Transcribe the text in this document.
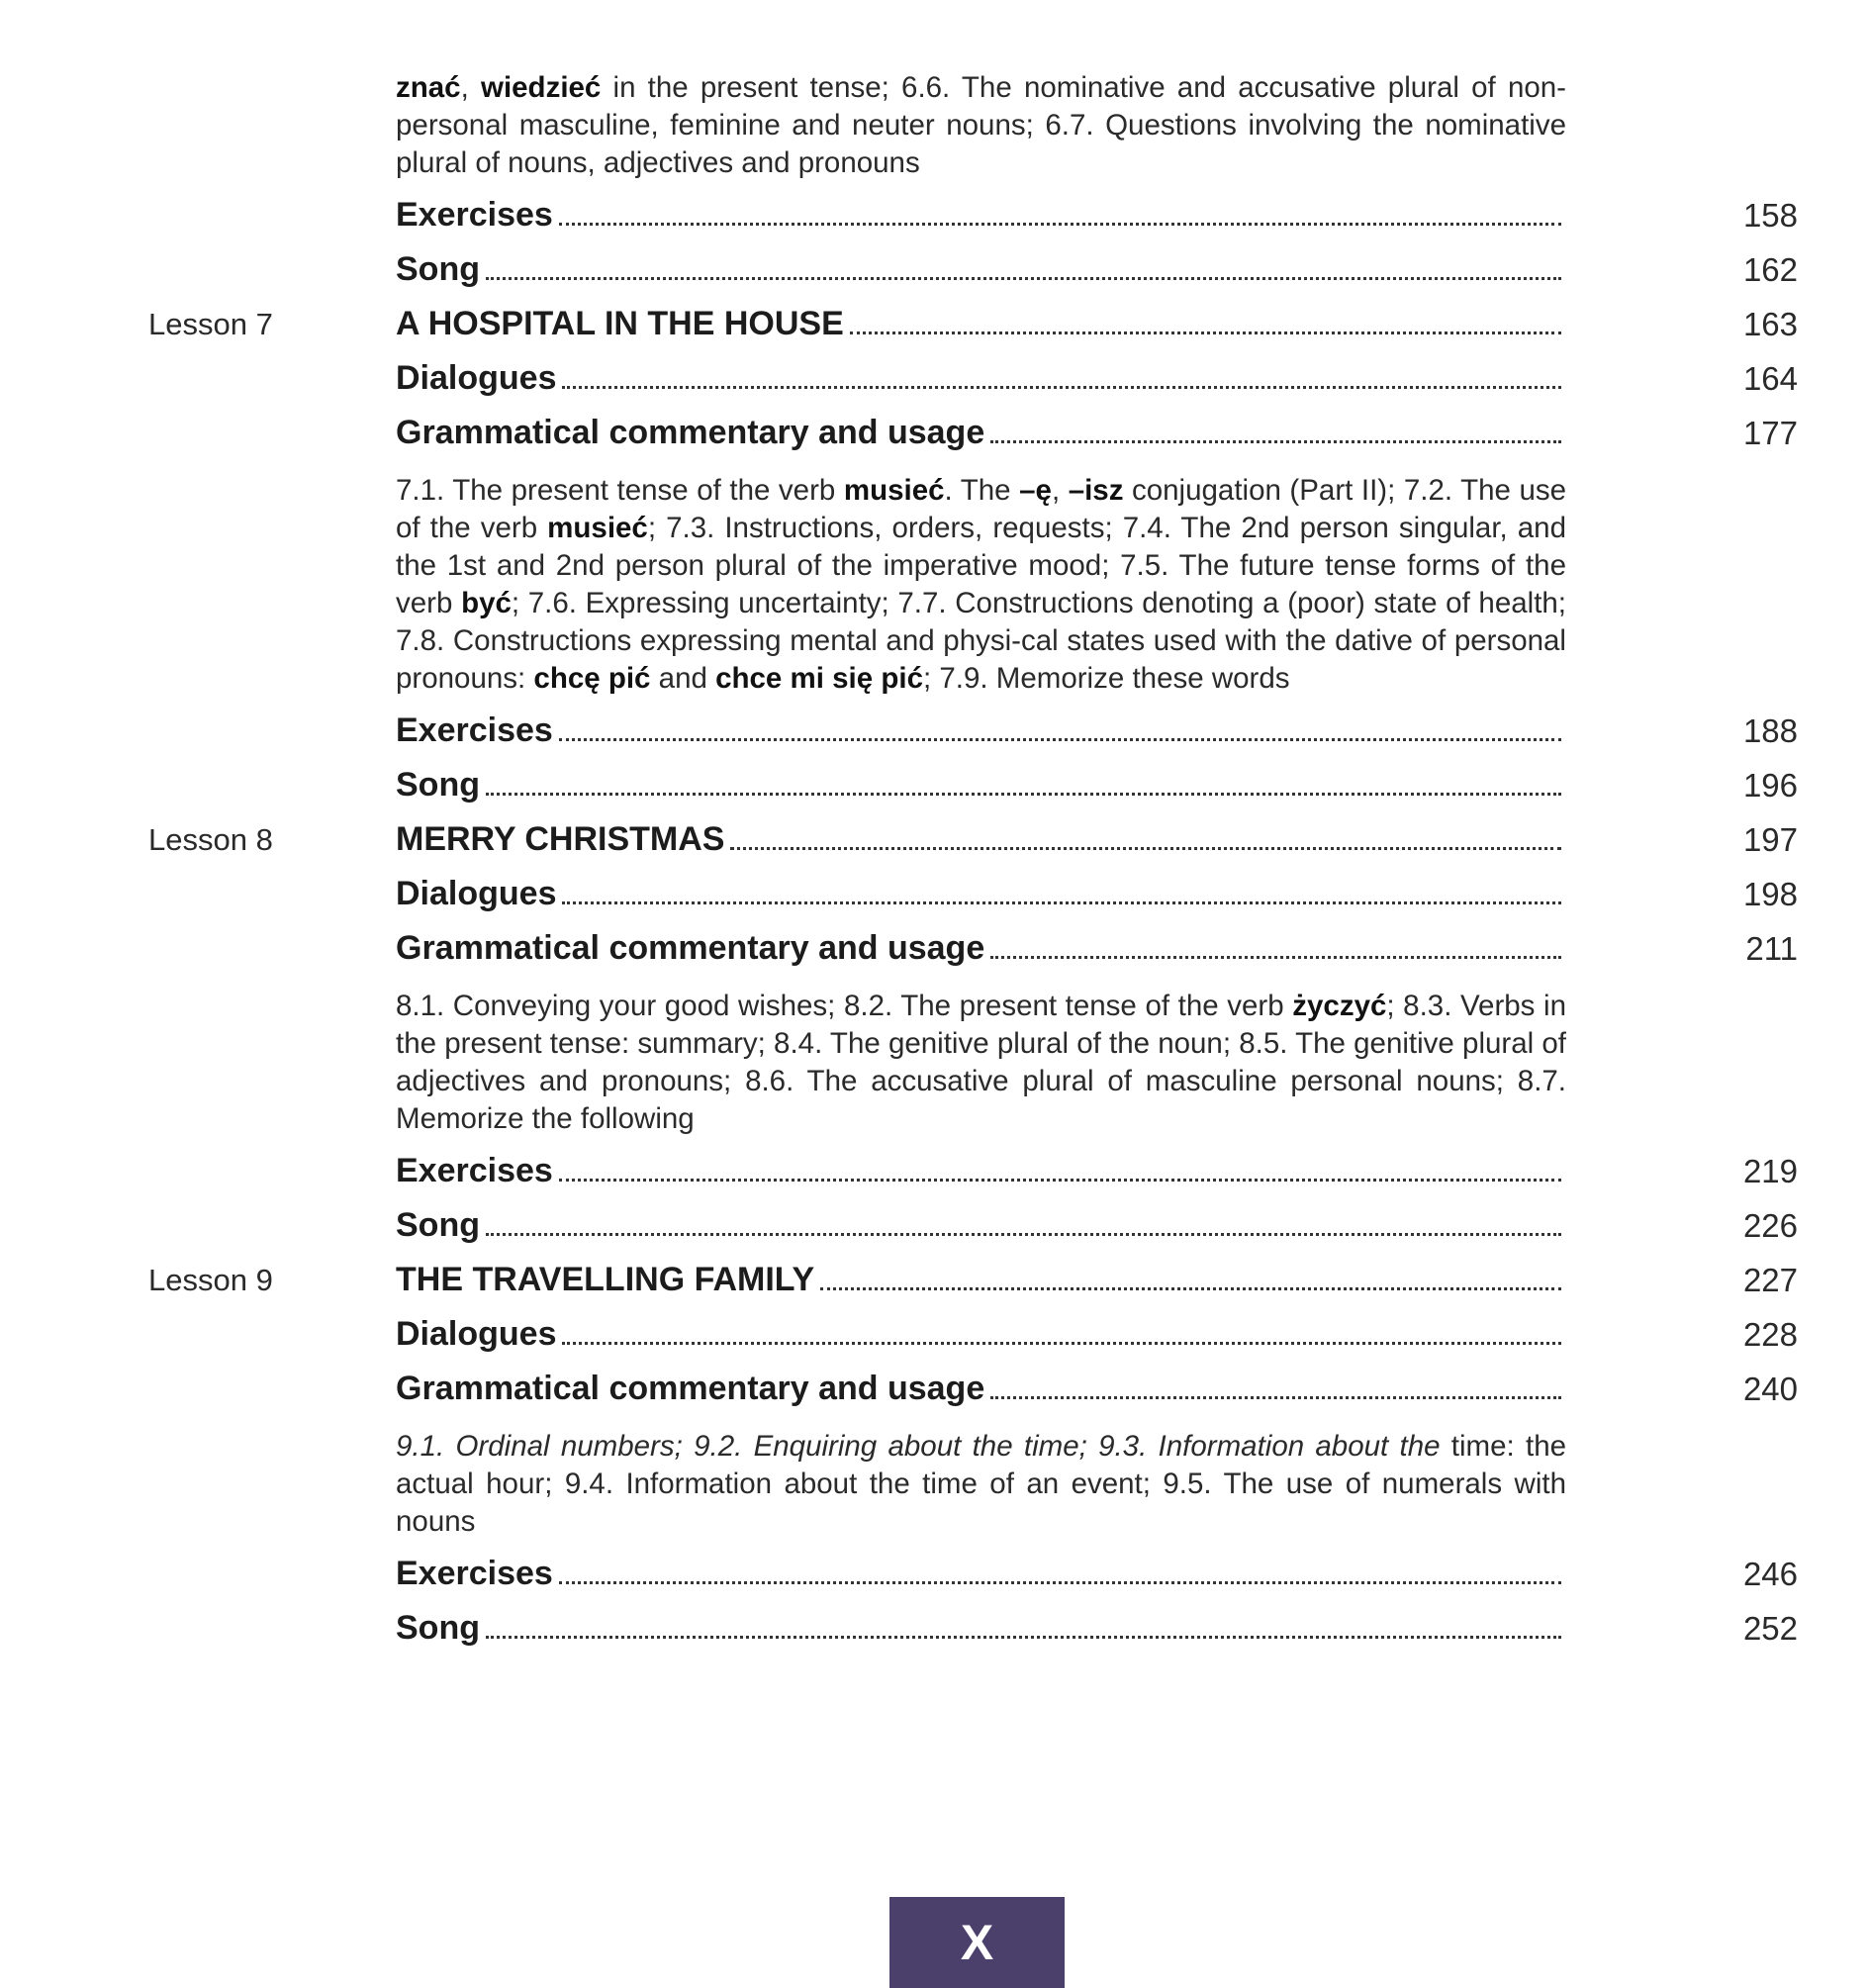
znać, wiedzieć in the present tense; 6.6. The nominative and accusative plural of non-personal masculine, feminine and neuter nouns; 6.7. Questions involving the nominative plural of nouns, adjectives and pronouns
Exercises	158
Song	162
Lesson 7	A HOSPITAL IN THE HOUSE	163
Dialogues	164
Grammatical commentary and usage	177
7.1. The present tense of the verb musieć. The –ę, –isz conjugation (Part II); 7.2. The use of the verb musieć; 7.3. Instructions, orders, requests; 7.4. The 2nd person singular, and the 1st and 2nd person plural of the imperative mood; 7.5. The future tense forms of the verb być; 7.6. Expressing uncertainty; 7.7. Constructions denoting a (poor) state of health; 7.8. Constructions expressing mental and physi-cal states used with the dative of personal pronouns: chcę pić and chce mi się pić; 7.9. Memorize these words
Exercises	188
Song	196
Lesson 8	MERRY CHRISTMAS	197
Dialogues	198
Grammatical commentary and usage	211
8.1. Conveying your good wishes; 8.2. The present tense of the verb życzyć; 8.3. Verbs in the present tense: summary; 8.4. The genitive plural of the noun; 8.5. The genitive plural of adjectives and pronouns; 8.6. The accusative plural of masculine personal nouns; 8.7. Memorize the following
Exercises	219
Song	226
Lesson 9	THE TRAVELLING FAMILY	227
Dialogues	228
Grammatical commentary and usage	240
9.1. Ordinal numbers; 9.2. Enquiring about the time; 9.3. Information about the time: the actual hour; 9.4. Information about the time of an event; 9.5. The use of numerals with nouns
Exercises	246
Song	252
X
